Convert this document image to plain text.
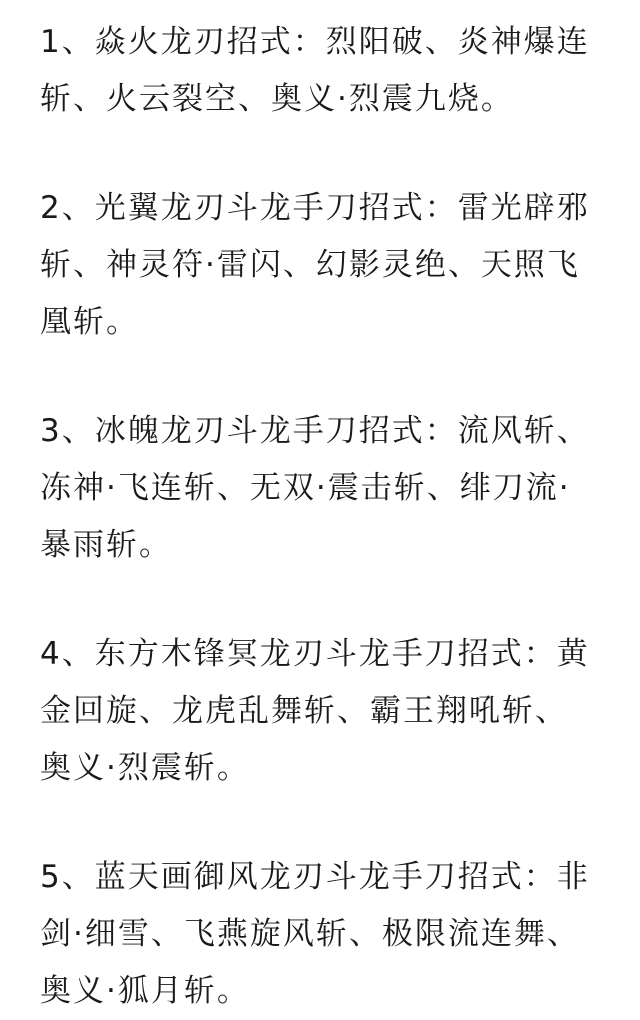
1、焱火龙刃招式：烈阳破、炎神爆连斩、火云裂空、奥义·烈震九烧。

2、光翼龙刃斗龙手刀招式：雷光辟邪斩、神灵符·雷闪、幻影灵绝、天照飞凰斩。

3、冰魄龙刃斗龙手刀招式：流风斩、冻神·飞连斩、无双·震击斩、绯刀流·暴雨斩。

4、东方木锋冥龙刃斗龙手刀招式：黄金回旋、龙虎乱舞斩、霸王翔吼斩、奥义·烈震斩。

5、蓝天画御风龙刃斗龙手刀招式：非剑·细雪、飞燕旋风斩、极限流连舞、奥义·狐月斩。
